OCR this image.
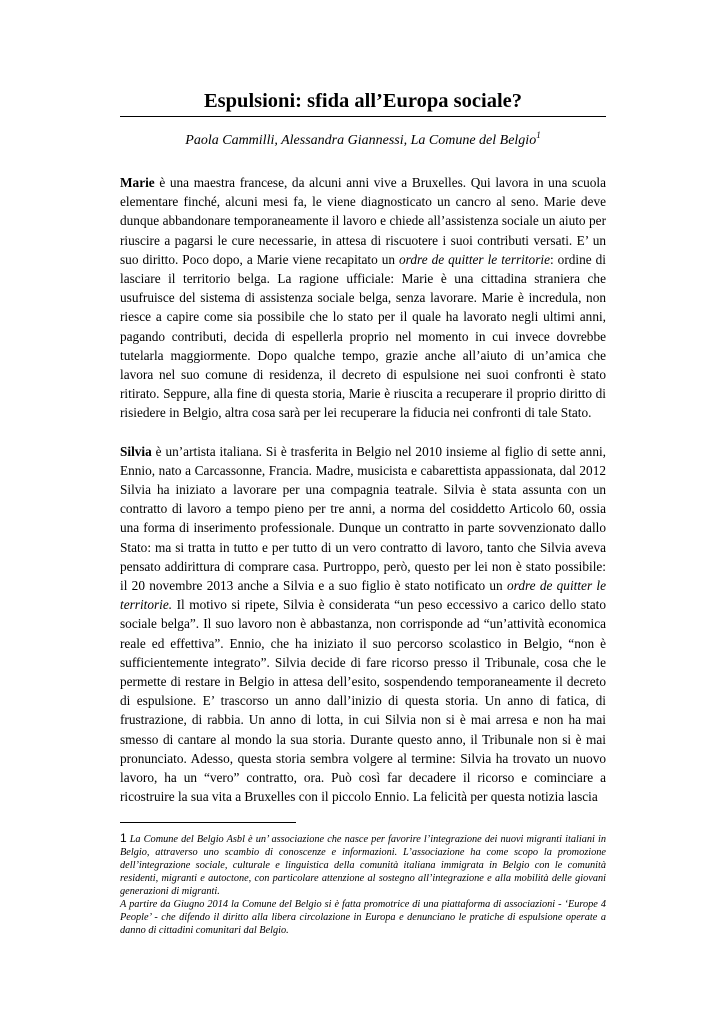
Espulsioni: sfida all’Europa sociale?

Paola Cammilli, Alessandra Giannessi, La Comune del Belgio$^1$

Marie è una maestra francese, da alcuni anni vive a Bruxelles. Qui lavora in una scuola elementare finché, alcuni mesi fa, le viene diagnosticato un cancro al seno. Marie deve dunque abbandonare temporaneamente il lavoro e chiede all’assistenza sociale un aiuto per riuscire a pagarsi le cure necessarie, in attesa di riscuotere i suoi contributi versati. E’ un suo diritto. Poco dopo, a Marie viene recapitato un ordre de quitter le territorie: ordine di lasciare il territorio belga. La ragione ufficiale: Marie è una cittadina straniera che usufruisce del sistema di assistenza sociale belga, senza lavorare. Marie è incredula, non riesce a capire come sia possibile che lo stato per il quale ha lavorato negli ultimi anni, pagando contributi, decida di espellerla proprio nel momento in cui invece dovrebbe tutelarla maggiormente. Dopo qualche tempo, grazie anche all’aiuto di un’amica che lavora nel suo comune di residenza, il decreto di espulsione nei suoi confronti è stato ritirato. Seppure, alla fine di questa storia, Marie è riuscita a recuperare il proprio diritto di risiedere in Belgio, altra cosa sarà per lei recuperare la fiducia nei confronti di tale Stato.

Silvia è un’artista italiana. Si è trasferita in Belgio nel 2010 insieme al figlio di sette anni, Ennio, nato a Carcassonne, Francia. Madre, musicista e cabarettista appassionata, dal 2012 Silvia ha iniziato a lavorare per una compagnia teatrale. Silvia è stata assunta con un contratto di lavoro a tempo pieno per tre anni, a norma del cosiddetto Articolo 60, ossia una forma di inserimento professionale. Dunque un contratto in parte sovvenzionato dallo Stato: ma si tratta in tutto e per tutto di un vero contratto di lavoro, tanto che Silvia aveva pensato addirittura di comprare casa. Purtroppo, però, questo per lei non è stato possibile: il 20 novembre 2013 anche a Silvia e a suo figlio è stato notificato un ordre de quitter le territorie. Il motivo si ripete, Silvia è considerata “un peso eccessivo a carico dello stato sociale belga”. Il suo lavoro non è abbastanza, non corrisponde ad “un’attività economica reale ed effettiva”. Ennio, che ha iniziato il suo percorso scolastico in Belgio, “non è sufficientemente integrato”. Silvia decide di fare ricorso presso il Tribunale, cosa che le permette di restare in Belgio in attesa dell’esito, sospendendo temporaneamente il decreto di espulsione. E’ trascorso un anno dall’inizio di questa storia. Un anno di fatica, di frustrazione, di rabbia. Un anno di lotta, in cui Silvia non si è mai arresa e non ha mai smesso di cantare al mondo la sua storia. Durante questo anno, il Tribunale non si è mai pronunciato. Adesso, questa storia sembra volgere al termine: Silvia ha trovato un nuovo lavoro, ha un “vero” contratto, ora. Può così far decadere il ricorso e cominciare a ricostruire la sua vita a Bruxelles con il piccolo Ennio. La felicità per questa notizia lascia

1 La Comune del Belgio Asbl è un’ associazione che nasce per favorire l’integrazione dei nuovi migranti italiani in Belgio, attraverso uno scambio di conoscenze e informazioni. L’associazione ha come scopo la promozione dell’integrazione sociale, culturale e linguistica della comunità italiana immigrata in Belgio con le comunità residenti, migranti e autoctone, con particolare attenzione al sostegno all’integrazione e alla mobilità delle giovani generazioni di migranti.

A partire da Giugno 2014 la Comune del Belgio si è fatta promotrice di una piattaforma di associazioni - ‘Europe 4 People’ - che difendo il diritto alla libera circolazione in Europa e denunciano le pratiche di espulsione operate a danno di cittadini comunitari dal Belgio.
